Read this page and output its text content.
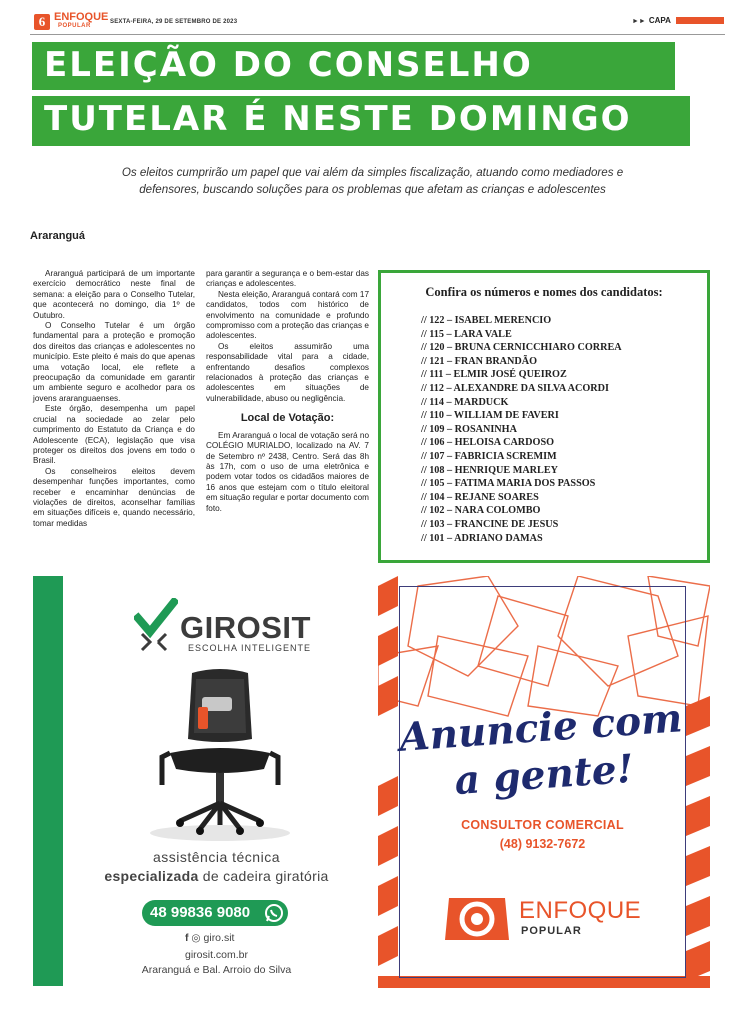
6 ENFOQUE
POPULAR
SEXTA-FEIRA, 29 DE SETEMBRO DE 2023	►► CAPA
ELEIÇÃO DO CONSELHO
TUTELAR É NESTE DOMINGO
Os eleitos cumprirão um papel que vai além da simples fiscalização, atuando como mediadores e defensores, buscando soluções para os problemas que afetam as crianças e adolescentes
Araranguá

Araranguá participará de um importante exercício democrático neste final de semana: a eleição para o Conselho Tutelar, que acontecerá no domingo, dia 1º de Outubro.

O Conselho Tutelar é um órgão fundamental para a proteção e promoção dos direitos das crianças e adolescentes no município. Este pleito é mais do que apenas uma votação local, ele reflete a preocupação da comunidade em garantir um ambiente seguro e acolhedor para os jovens araranguaenses.

Este órgão, desempenha um papel crucial na sociedade ao zelar pelo cumprimento do Estatuto da Criança e do Adolescente (ECA), legislação que visa proteger os direitos dos jovens em todo o Brasil.

Os conselheiros eleitos devem desempenhar funções importantes, como receber e encaminhar denúncias de violações de direitos, aconselhar famílias em situações difíceis e, quando necessário, tomar medidas

para garantir a segurança e o bem-estar das crianças e adolescentes.

Nesta eleição, Araranguá contará com 17 candidatos, todos com histórico de envolvimento na comunidade e profundo compromisso com a proteção das crianças e adolescentes.

Os eleitos assumirão uma responsabilidade vital para a cidade, enfrentando desafios complexos relacionados à proteção das crianças e adolescentes em situações de vulnerabilidade, abuso ou negligência.

Local de Votação:

Em Araranguá o local de votação será no COLÉGIO MURIALDO, localizado na AV. 7 de Setembro nº 2438, Centro. Será das 8h às 17h, com o uso de urna eletrônica e podem votar todos os cidadãos maiores de 16 anos que estejam com o título eleitoral em situação regular e portar documento com foto.

Confira os números e nomes dos candidatos:
// 122 – ISABEL MERENCIO
// 115 – LARA VALE
// 120 – BRUNA CERNICCHIARO CORREA
// 121 – FRAN BRANDÃO
// 111 – ELMIR JOSÉ QUEIROZ
// 112 – ALEXANDRE DA SILVA ACORDI
// 114 – MARDUCK
// 110 – WILLIAM DE FAVERI
// 109 – ROSANINHA
// 106 – HELOISA CARDOSO
// 107 – FABRICIA SCREMIM
// 108 – HENRIQUE MARLEY
// 105 – FATIMA MARIA DOS PASSOS
// 104 – REJANE SOARES
// 102 – NARA COLOMBO
// 103 – FRANCINE DE JESUS
// 101 – ADRIANO DAMAS
GIROSIT
ESCOLHA INTELIGENTE
assistência técnica
especializada de cadeira giratória
48 99836 9080
f ◎ giro.sit
girosit.com.br
Araranguá e Bal. Arroio do Silva
Anuncie com
a gente!
CONSULTOR COMERCIAL
(48) 9132-7672
ENFOQUE
POPULAR
